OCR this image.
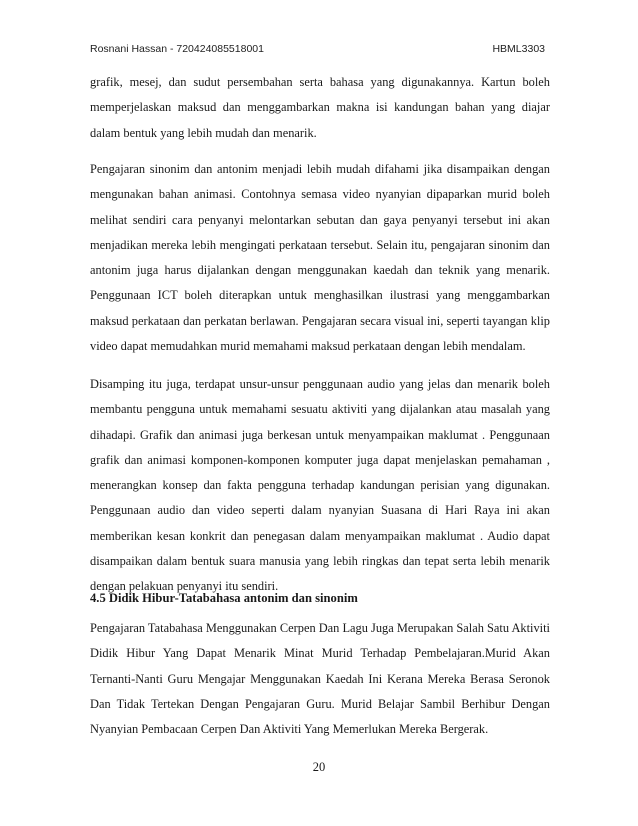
Rosnani Hassan - 720424085518001	HBML3303

grafik, mesej, dan sudut persembahan serta bahasa yang digunakannya. Kartun boleh memperjelaskan maksud dan menggambarkan makna isi kandungan bahan yang diajar dalam bentuk yang lebih mudah dan menarik.

Pengajaran sinonim dan antonim menjadi lebih mudah difahami jika disampaikan dengan mengunakan bahan animasi. Contohnya semasa video nyanyian dipaparkan murid boleh melihat sendiri cara penyanyi melontarkan sebutan dan gaya penyanyi tersebut ini akan menjadikan mereka lebih mengingati perkataan tersebut. Selain itu, pengajaran sinonim dan antonim juga harus dijalankan dengan menggunakan kaedah dan teknik yang menarik. Penggunaan ICT boleh diterapkan untuk menghasilkan ilustrasi yang menggambarkan maksud perkataan dan perkatan berlawan. Pengajaran secara visual ini, seperti tayangan klip video dapat memudahkan murid memahami maksud perkataan dengan lebih mendalam.

Disamping itu juga, terdapat unsur-unsur penggunaan audio yang jelas dan menarik boleh membantu pengguna untuk memahami sesuatu aktiviti yang dijalankan atau masalah yang dihadapi. Grafik dan animasi juga berkesan untuk menyampaikan maklumat . Penggunaan grafik dan animasi komponen-komponen komputer juga dapat menjelaskan pemahaman , menerangkan konsep dan fakta pengguna terhadap kandungan perisian yang digunakan. Penggunaan audio dan video seperti dalam nyanyian Suasana di Hari Raya ini akan memberikan kesan konkrit dan penegasan dalam menyampaikan maklumat . Audio dapat disampaikan dalam bentuk suara manusia yang lebih ringkas dan tepat serta lebih menarik dengan pelakuan penyanyi itu sendiri.

4.5 Didik Hibur-Tatabahasa antonim dan sinonim

Pengajaran Tatabahasa Menggunakan Cerpen Dan Lagu Juga Merupakan Salah Satu Aktiviti Didik Hibur Yang Dapat Menarik Minat Murid Terhadap Pembelajaran.Murid Akan Ternanti-Nanti Guru Mengajar Menggunakan Kaedah Ini Kerana Mereka Berasa Seronok Dan Tidak Tertekan Dengan Pengajaran Guru. Murid Belajar Sambil Berhibur Dengan Nyanyian Pembacaan Cerpen Dan Aktiviti Yang Memerlukan Mereka Bergerak.

20
